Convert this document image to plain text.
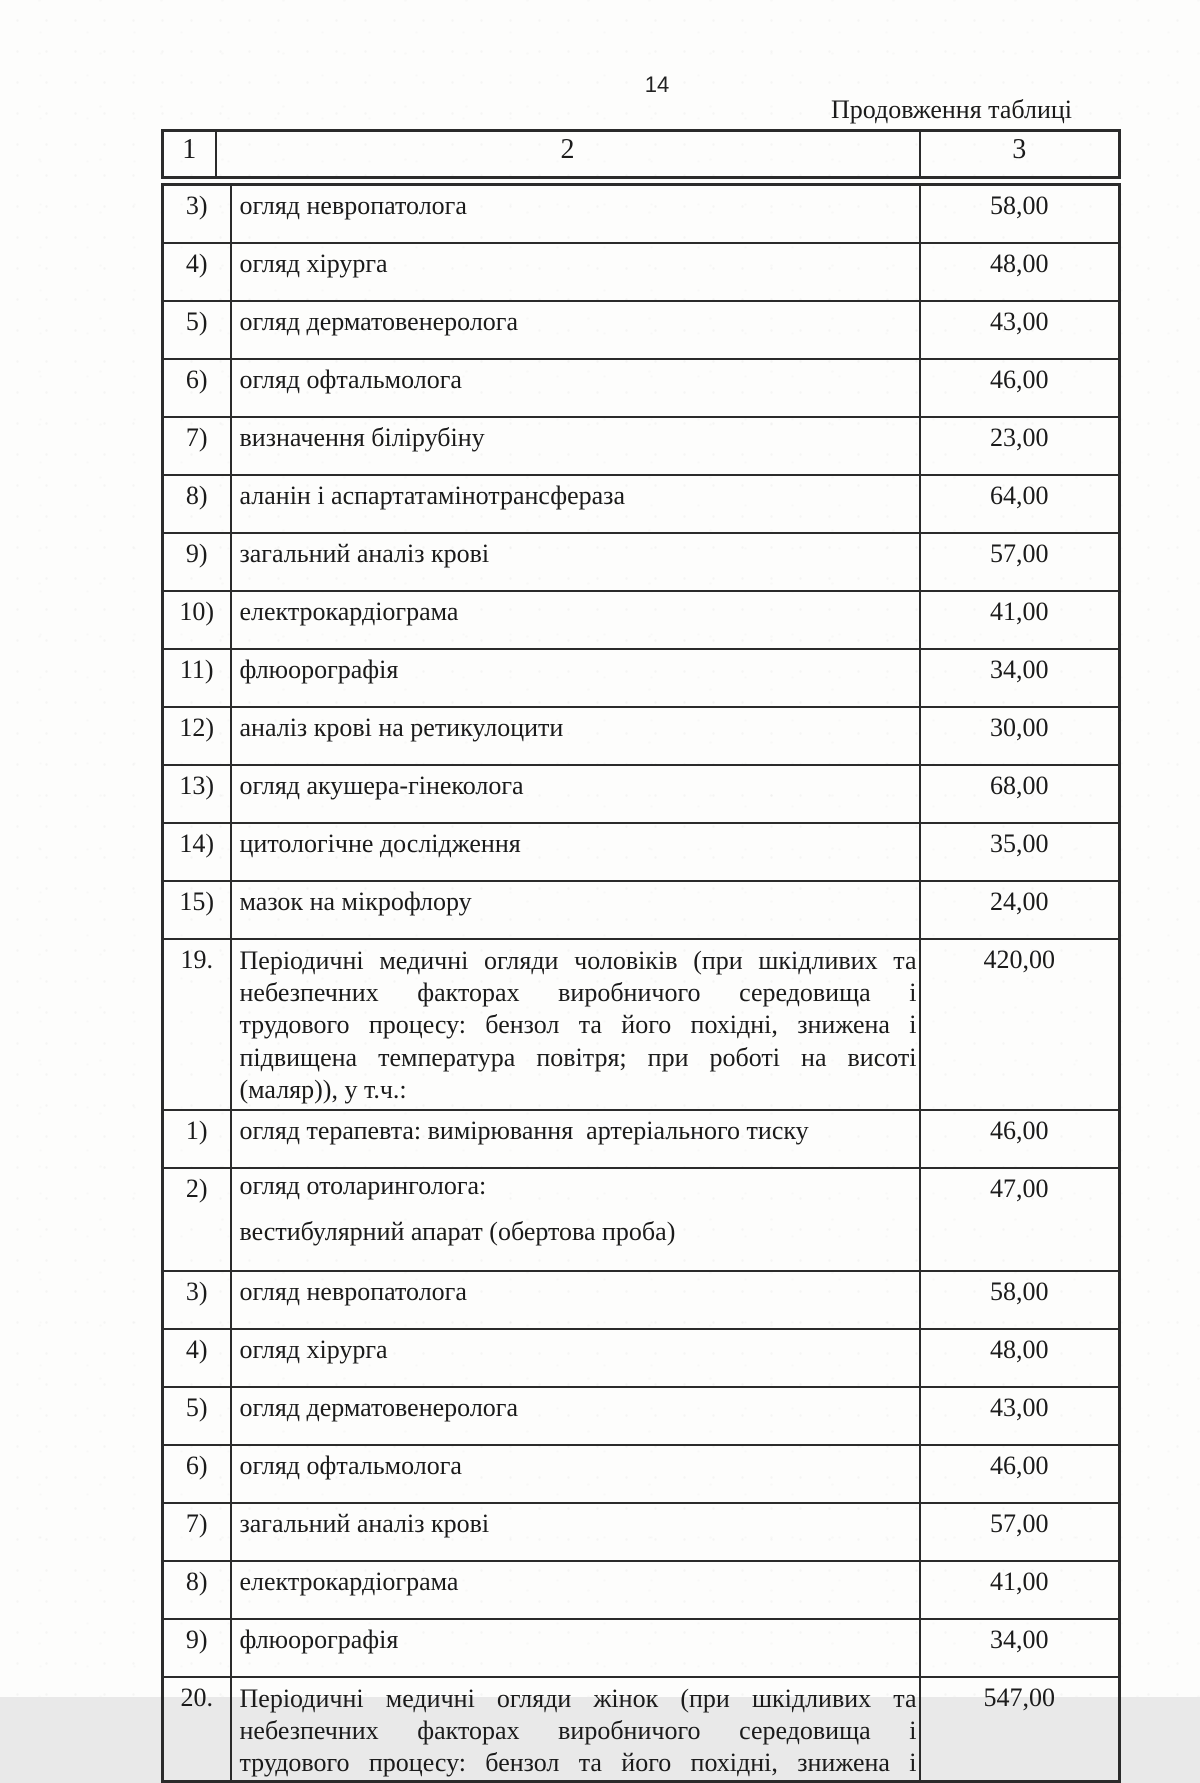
14
Продовження таблиці
1	2	3
3)	огляд невропатолога	58,00
4)	огляд хірурга	48,00
5)	огляд дерматовенеролога	43,00
6)	огляд офтальмолога	46,00
7)	визначення білірубіну	23,00
8)	аланін і аспартатамінотрансфераза	64,00
9)	загальний аналіз крові	57,00
10)	електрокардіограма	41,00
11)	флюорографія	34,00
12)	аналіз крові на ретикулоцити	30,00
13)	огляд акушера-гінеколога	68,00
14)	цитологічне дослідження	35,00
15)	мазок на мікрофлору	24,00
19.	Періодичні медичні огляди чоловіків (при шкідливих та
небезпечних факторах виробничого середовища і
трудового процесу: бензол та його похідні, знижена і
підвищена температура повітря; при роботі на висоті
(маляр)), у т.ч.:	420,00
1)	огляд терапевта: вимірювання  артеріального тиску	46,00
2)	огляд отоларинголога:

вестибулярний апарат (обертова проба)	47,00
3)	огляд невропатолога	58,00
4)	огляд хірурга	48,00
5)	огляд дерматовенеролога	43,00
6)	огляд офтальмолога	46,00
7)	загальний аналіз крові	57,00
8)	електрокардіограма	41,00
9)	флюорографія	34,00
20.	Періодичні медичні огляди жінок (при шкідливих та
небезпечних факторах виробничого середовища і
трудового процесу: бензол та його похідні, знижена і	547,00
